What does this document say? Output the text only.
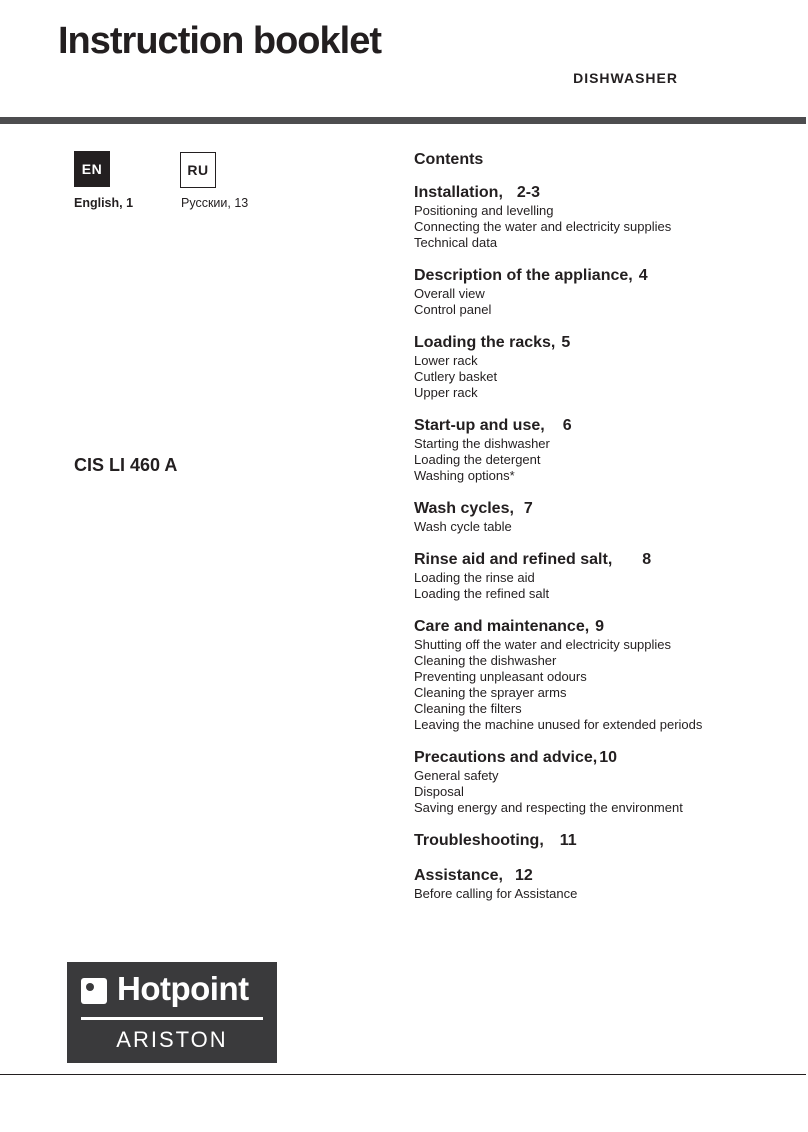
Instruction booklet
DISHWASHER
EN	RU
English, 1	Русскии, 13
CIS LI 460 A
Contents
Installation, 2-3
Positioning and levelling
Connecting the water and electricity supplies
Technical data
Description of the appliance, 4
Overall view
Control panel
Loading the racks, 5
Lower rack
Cutlery basket
Upper rack
Start-up and use, 6
Starting the dishwasher
Loading the detergent
Washing options*
Wash cycles, 7
Wash cycle table
Rinse aid and refined salt, 8
Loading the rinse aid
Loading the refined salt
Care and maintenance, 9
Shutting off the water and electricity supplies
Cleaning the dishwasher
Preventing unpleasant odours
Cleaning the sprayer arms
Cleaning the filters
Leaving the machine unused for extended periods
Precautions and advice, 10
General safety
Disposal
Saving energy and respecting the environment
Troubleshooting, 11
Assistance, 12
Before calling for Assistance
Hotpoint
ARISTON
